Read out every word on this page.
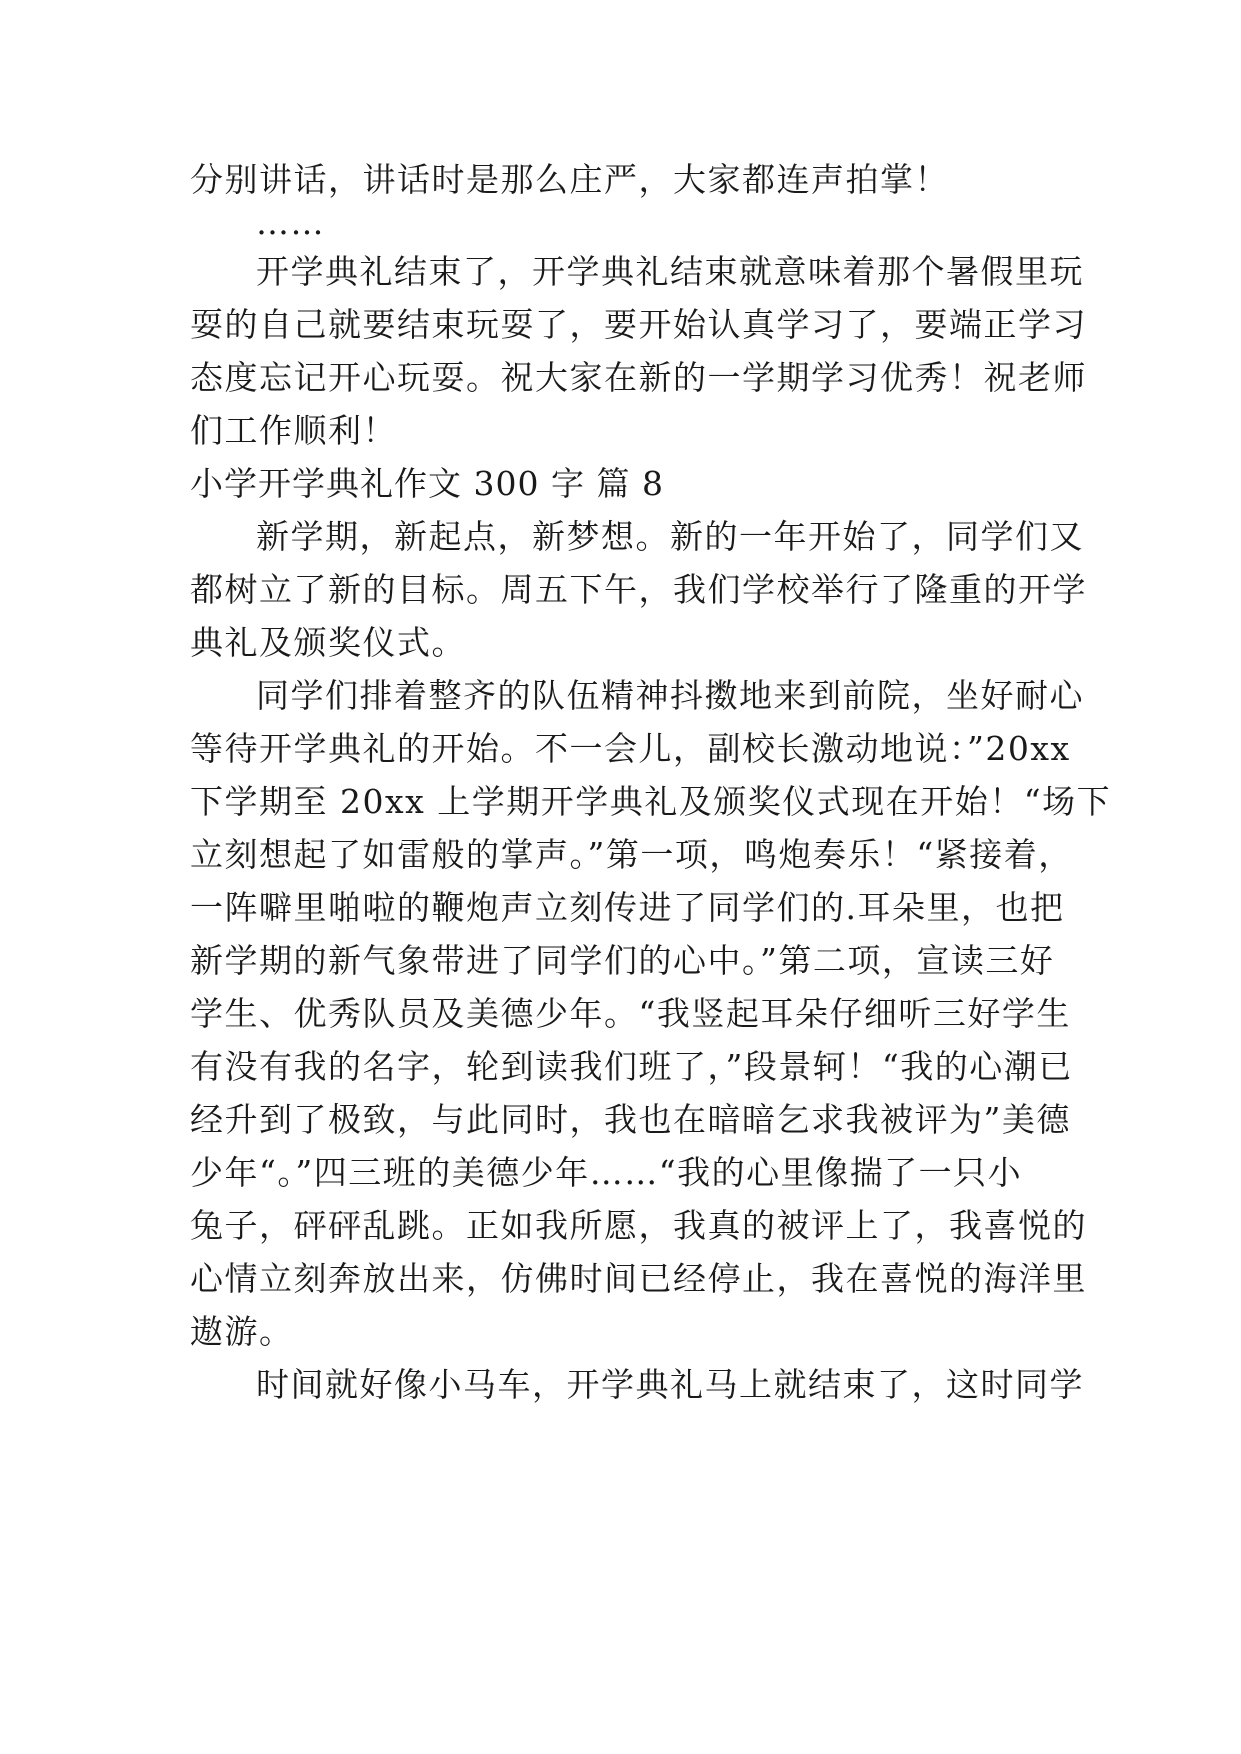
分别讲话，讲话时是那么庄严，大家都连声拍掌！
……
开学典礼结束了，开学典礼结束就意味着那个暑假里玩
耍的自己就要结束玩耍了，要开始认真学习了，要端正学习
态度忘记开心玩耍。祝大家在新的一学期学习优秀！祝老师
们工作顺利！
小学开学典礼作文 300 字 篇 8
新学期，新起点，新梦想。新的一年开始了，同学们又
都树立了新的目标。周五下午，我们学校举行了隆重的开学
典礼及颁奖仪式。
同学们排着整齐的队伍精神抖擞地来到前院，坐好耐心
等待开学典礼的开始。不一会儿，副校长激动地说：”20xx
下学期至 20xx 上学期开学典礼及颁奖仪式现在开始！“场下
立刻想起了如雷般的掌声。”第一项，鸣炮奏乐！“紧接着，
一阵噼里啪啦的鞭炮声立刻传进了同学们的.耳朵里，也把
新学期的新气象带进了同学们的心中。”第二项，宣读三好
学生、优秀队员及美德少年。“我竖起耳朵仔细听三好学生
有没有我的名字，轮到读我们班了，”段景轲！“我的心潮已
经升到了极致，与此同时，我也在暗暗乞求我被评为”美德
少年“。”四三班的美德少年……“我的心里像揣了一只小
兔子，砰砰乱跳。正如我所愿，我真的被评上了，我喜悦的
心情立刻奔放出来，仿佛时间已经停止，我在喜悦的海洋里
遨游。
时间就好像小马车，开学典礼马上就结束了，这时同学
